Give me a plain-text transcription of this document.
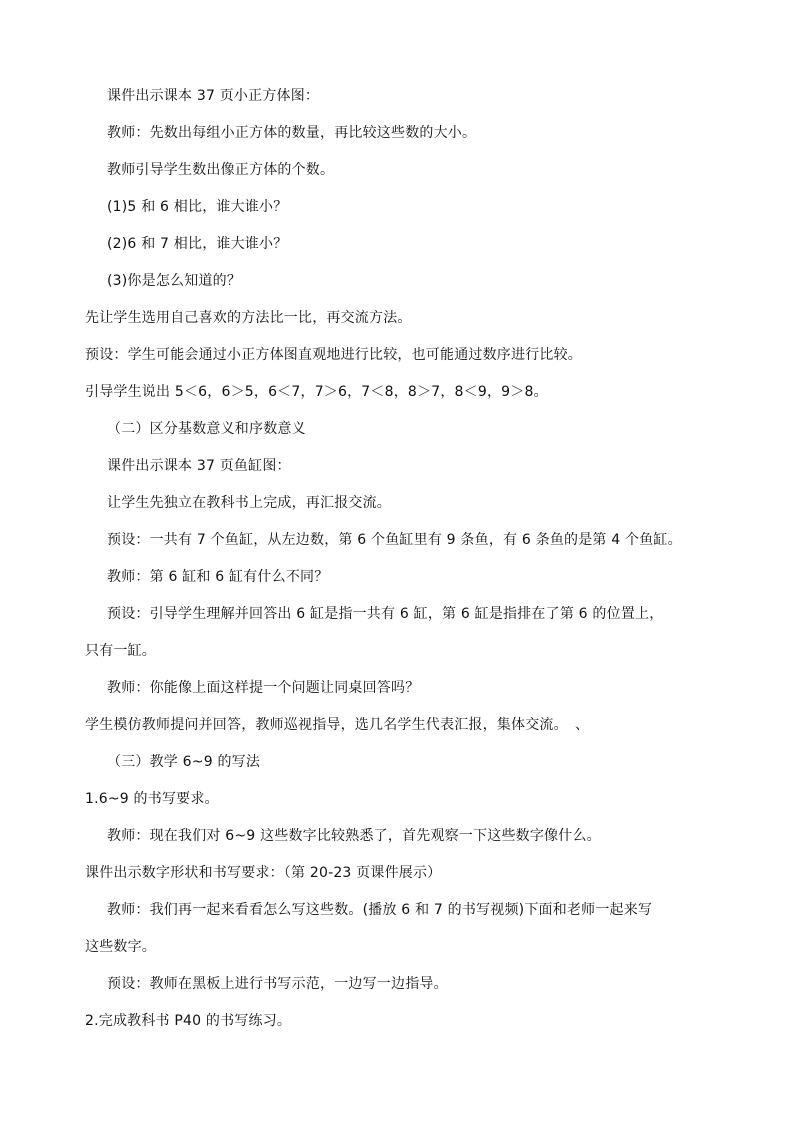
课件出示课本 37 页小正方体图：

教师：先数出每组小正方体的数量，再比较这些数的大小。

教师引导学生数出像正方体的个数。

(1)5 和 6 相比，谁大谁小？

(2)6 和 7 相比，谁大谁小？

(3)你是怎么知道的？

先让学生选用自己喜欢的方法比一比，再交流方法。

预设：学生可能会通过小正方体图直观地进行比较，也可能通过数序进行比较。

引导学生说出 5＜6，6＞5，6＜7，7＞6，7＜8，8＞7，8＜9，9＞8。

（二）区分基数意义和序数意义

课件出示课本 37 页鱼缸图：

让学生先独立在教科书上完成，再汇报交流。

预设：一共有 7 个鱼缸，从左边数，第 6 个鱼缸里有 9 条鱼，有 6 条鱼的是第 4 个鱼缸。

教师：第 6 缸和 6 缸有什么不同？

预设：引导学生理解并回答出 6 缸是指一共有 6 缸，第 6 缸是指排在了第 6 的位置上，

只有一缸。

教师：你能像上面这样提一个问题让同桌回答吗？

学生模仿教师提问并回答，教师巡视指导，选几名学生代表汇报，集体交流。　、

（三）教学 6~9 的写法

1.6~9 的书写要求。

教师：现在我们对 6~9 这些数字比较熟悉了，首先观察一下这些数字像什么。

课件出示数字形状和书写要求：（第 20-23 页课件展示）

教师：我们再一起来看看怎么写这些数。(播放 6 和 7 的书写视频)下面和老师一起来写

这些数字。

预设：教师在黑板上进行书写示范，一边写一边指导。

2.完成教科书 P40 的书写练习。
